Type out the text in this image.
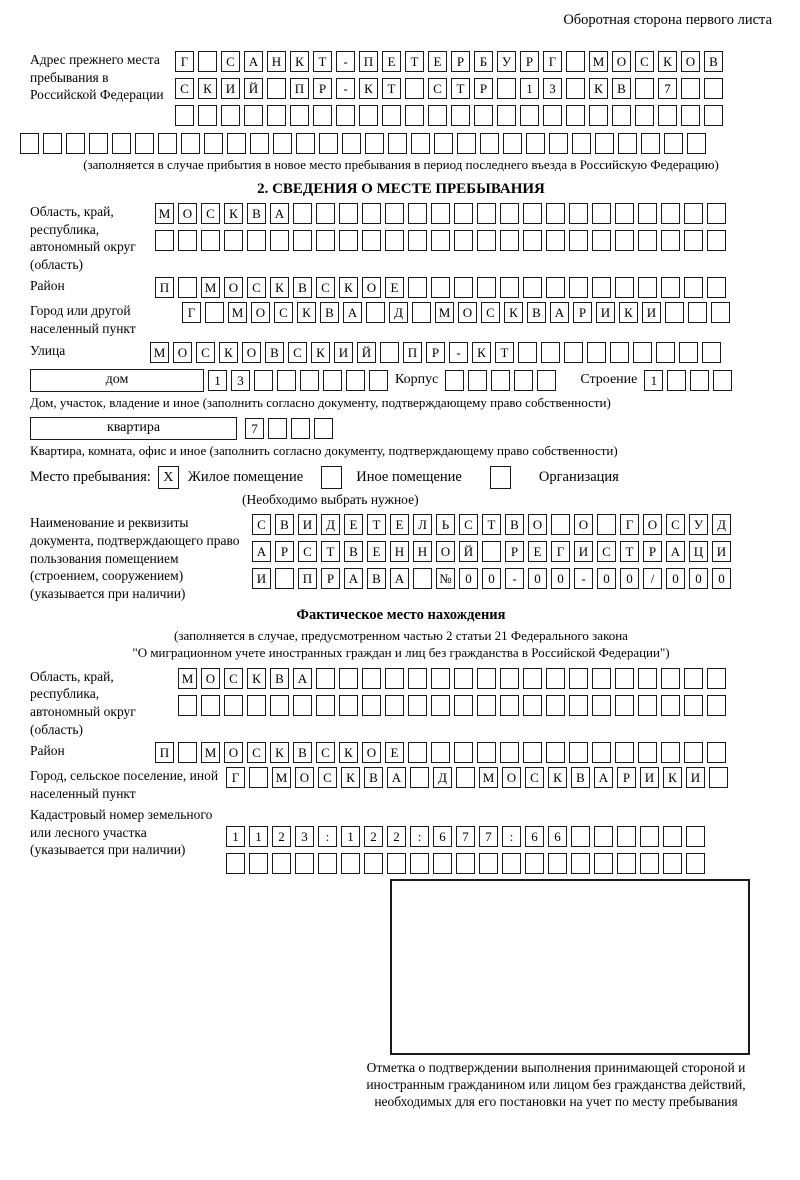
Оборотная сторона первого листа
Адрес прежнего места пребывания в Российской Федерации
Г	С	А	Н	К	Т	-	П	Е	Т	Е	Р	Б	У	Р	Г	М О	С	К	О	В
С	К	И	Й	П	Р	-	К	Т	С	Т	Р	1	3	К	В	7
(заполняется в случае прибытия в новое место пребывания в период последнего въезда в Российскую Федерацию)
2. СВЕДЕНИЯ О МЕСТЕ ПРЕБЫВАНИЯ
Область, край, республика, автономный округ (область)
М О	С	К	В	А
Район	П	М О	С	К	В	С	К	О	Е
Город или другой населенный пункт
Г	М О	С	К	В	А	Д	М О	С	К	В	А	Р	И	К	И
Улица	М О	С	К	О	В	С	К	И	Й	П	Р	-	К	Т
дом	1	3	Корпус	Строение	1
Дом, участок, владение и иное (заполнить согласно документу, подтверждающему право собственности)
квартира	7
Квартира, комната, офис и иное (заполнить согласно документу, подтверждающему право собственности)
Место пребывания: X Жилое помещение	Иное помещение	Организация
(Необходимо выбрать нужное)
Наименование и реквизиты документа, подтверждающего право пользования помещением (строением, сооружением) (указывается при наличии)
С	В	И	Д	Е	Т	Е	Л	Ь	С	Т	В	О	О	Г	О	С	У	Д
А	Р	С	Т	В	Е	Н	Н	О	Й	Р	Е	Г	И	С	Т	Р	А	Ц	И
И	П	Р	А	В	А	№	0	0	-	0	0	-	0	0	/	0	0	0
Фактическое место нахождения
(заполняется в случае, предусмотренном частью 2 статьи 21 Федерального закона
"О миграционном учете иностранных граждан и лиц без гражданства в Российской Федерации")
Область, край, республика, автономный округ (область)
М О	С	К	В	А
Район	П	М О	С	К	В	С	К	О	Е
Город, сельское поселение, иной населенный пункт
Г	М О	С	К	В	А	Д	М О	С	К	В	А	Р	И	К	И
Кадастровый номер земельного или лесного участка (указывается при наличии)
1	1	2	3	:	1	2	2	:	6	7	7	:	6	6
Отметка о подтверждении выполнения принимающей стороной и иностранным гражданином или лицом без гражданства действий, необходимых для его постановки на учет по месту пребывания
